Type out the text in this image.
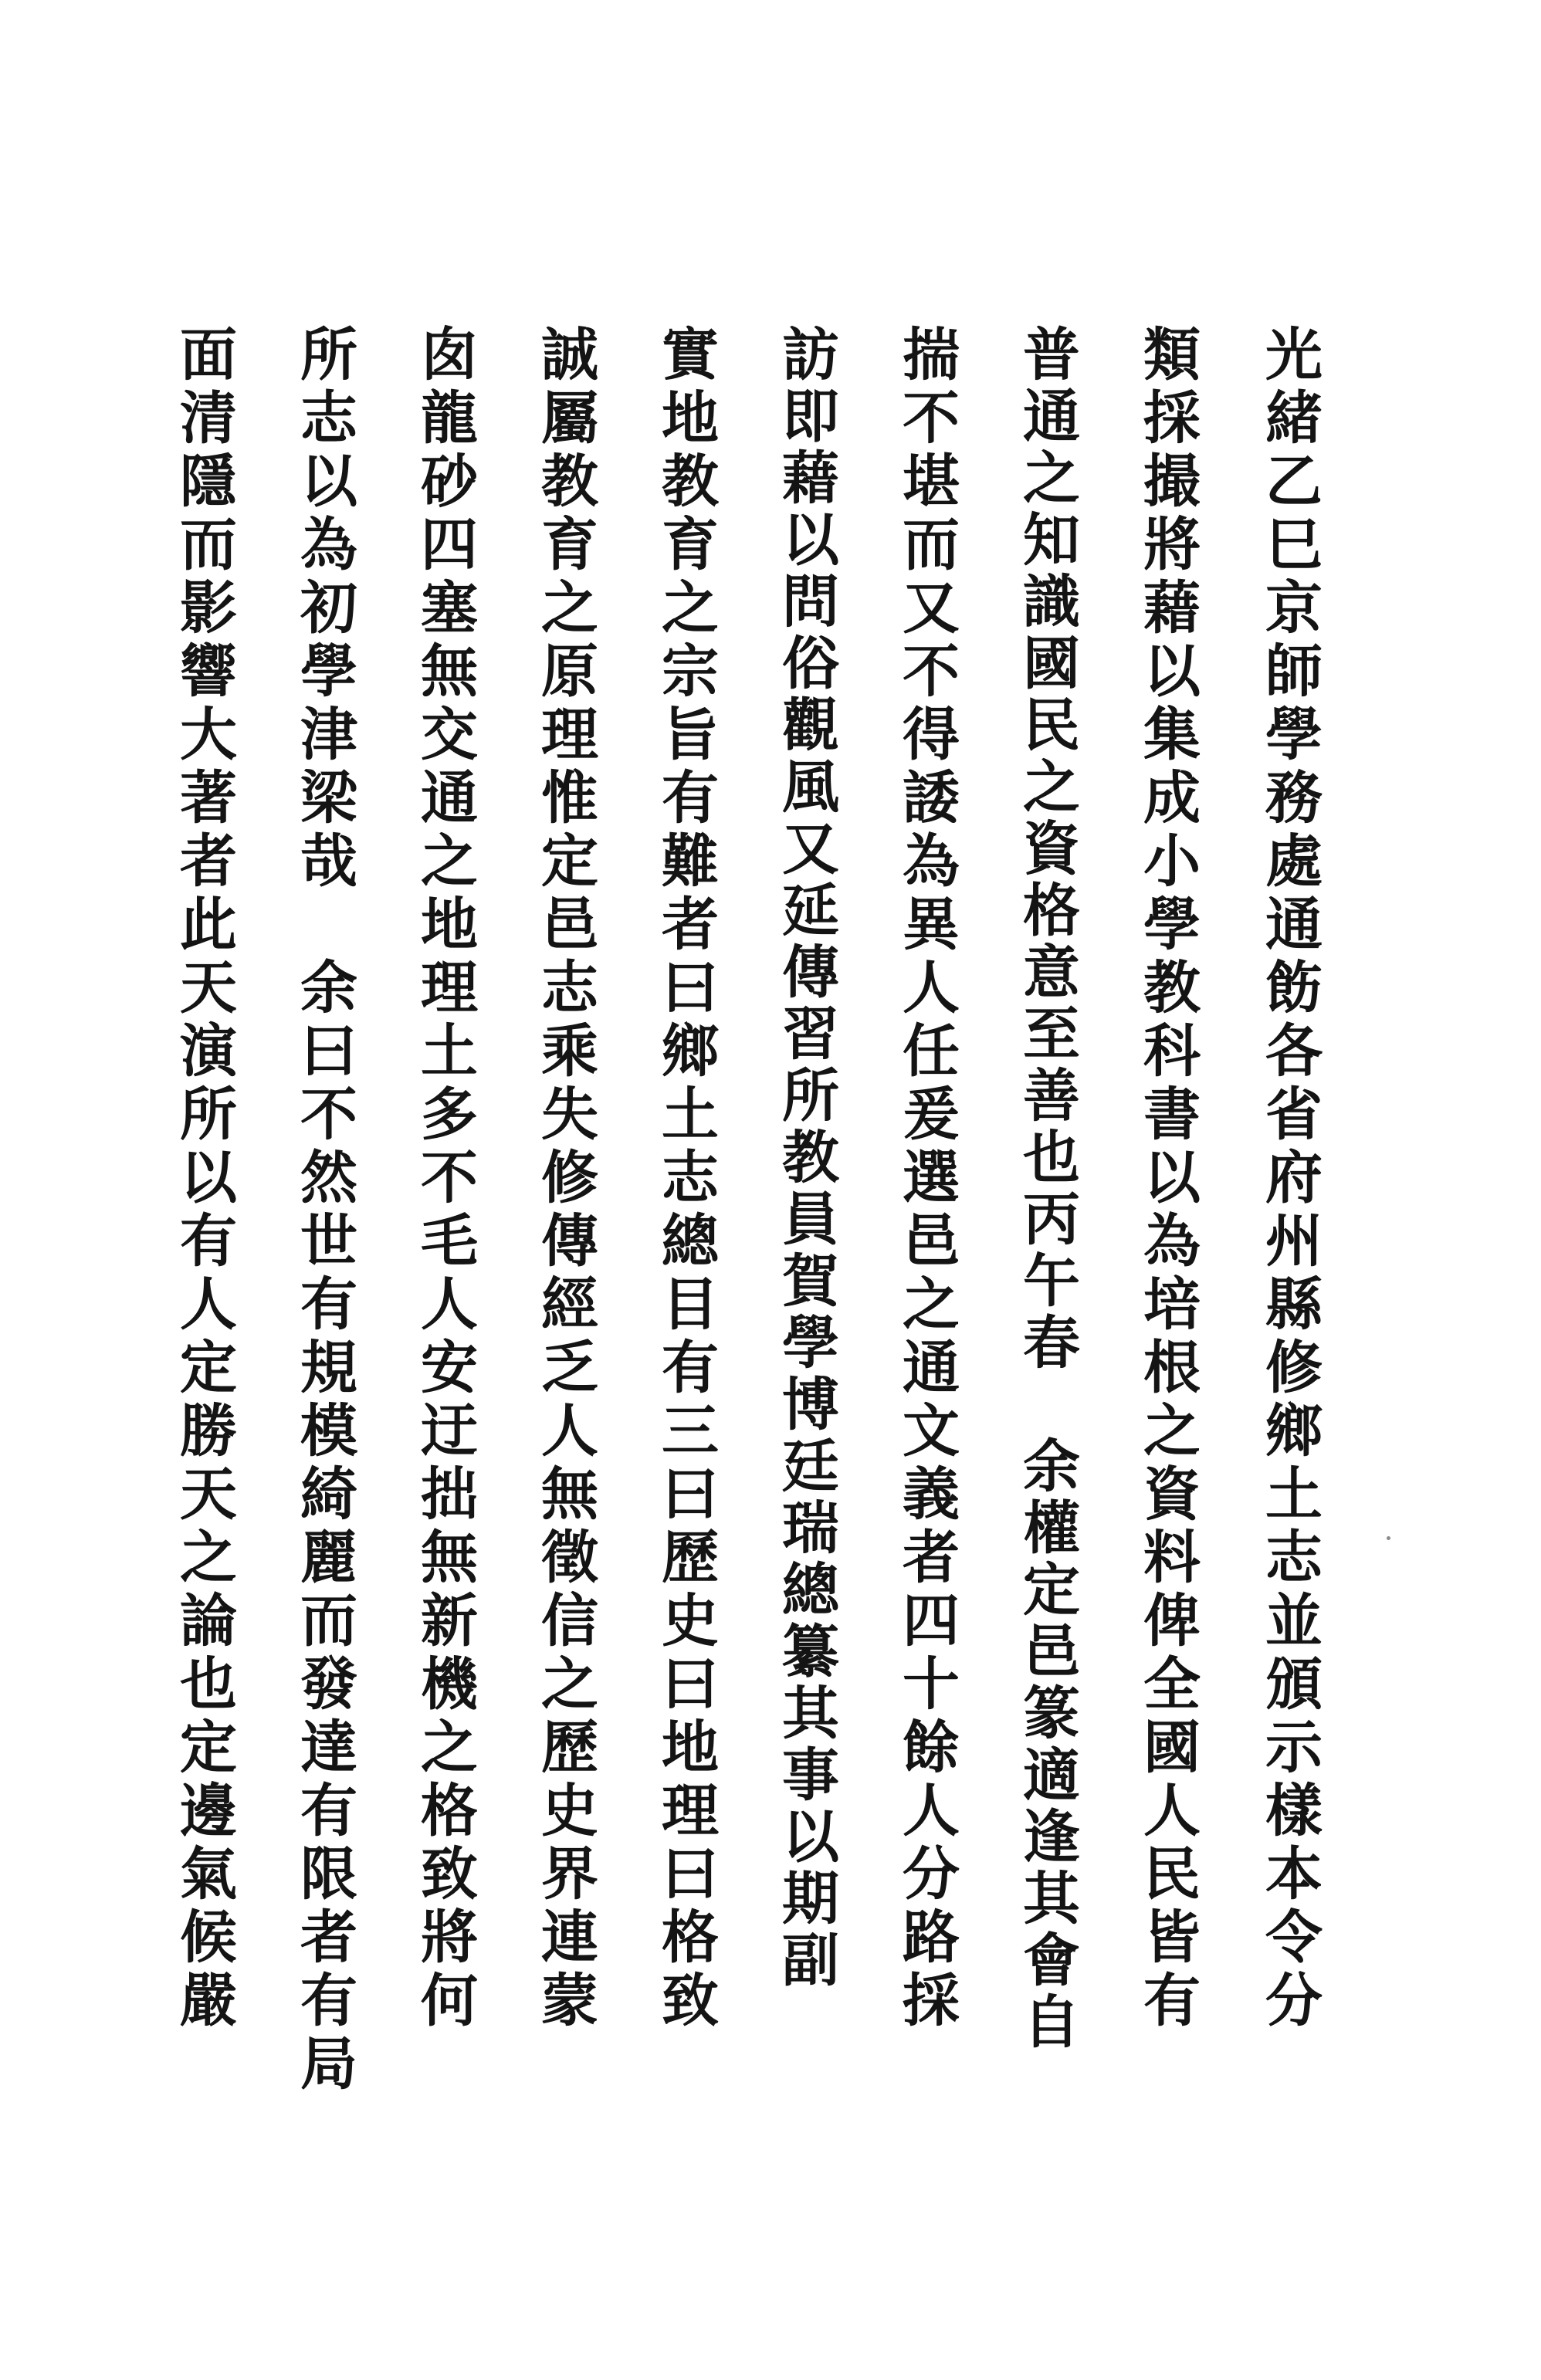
光緒乙巳京師學務處通飭各省府州縣修鄉土志並頒示樣本令分
類採撮將藉以集成小學教科書以為培根之資料俾全國人民皆有
普通之知識國民之資格意至善也丙午春　余權定邑篆適逢其會自
揣不堪而又不得諉為異人任爰選邑之通文義者四十餘人分路採
訪即藉以問俗觀風又延傳習所教員賀學博廷瑞總纂其事以期副
實地教育之宗旨有難者曰鄉土志總目有三曰歷史曰地理曰格致
誠屬教育之原理惟定邑志乘失修傳經乏人無徵信之歷史界連蒙
囱龍砂四塞無交通之地理土多不毛人安迂拙無新機之格致將何
所志以為初學津梁哉　余曰不然世有規模綺麗而發達有限者有局
面清隱而影響大著者此天演所以有人定勝天之論也定邊氣候嚴
